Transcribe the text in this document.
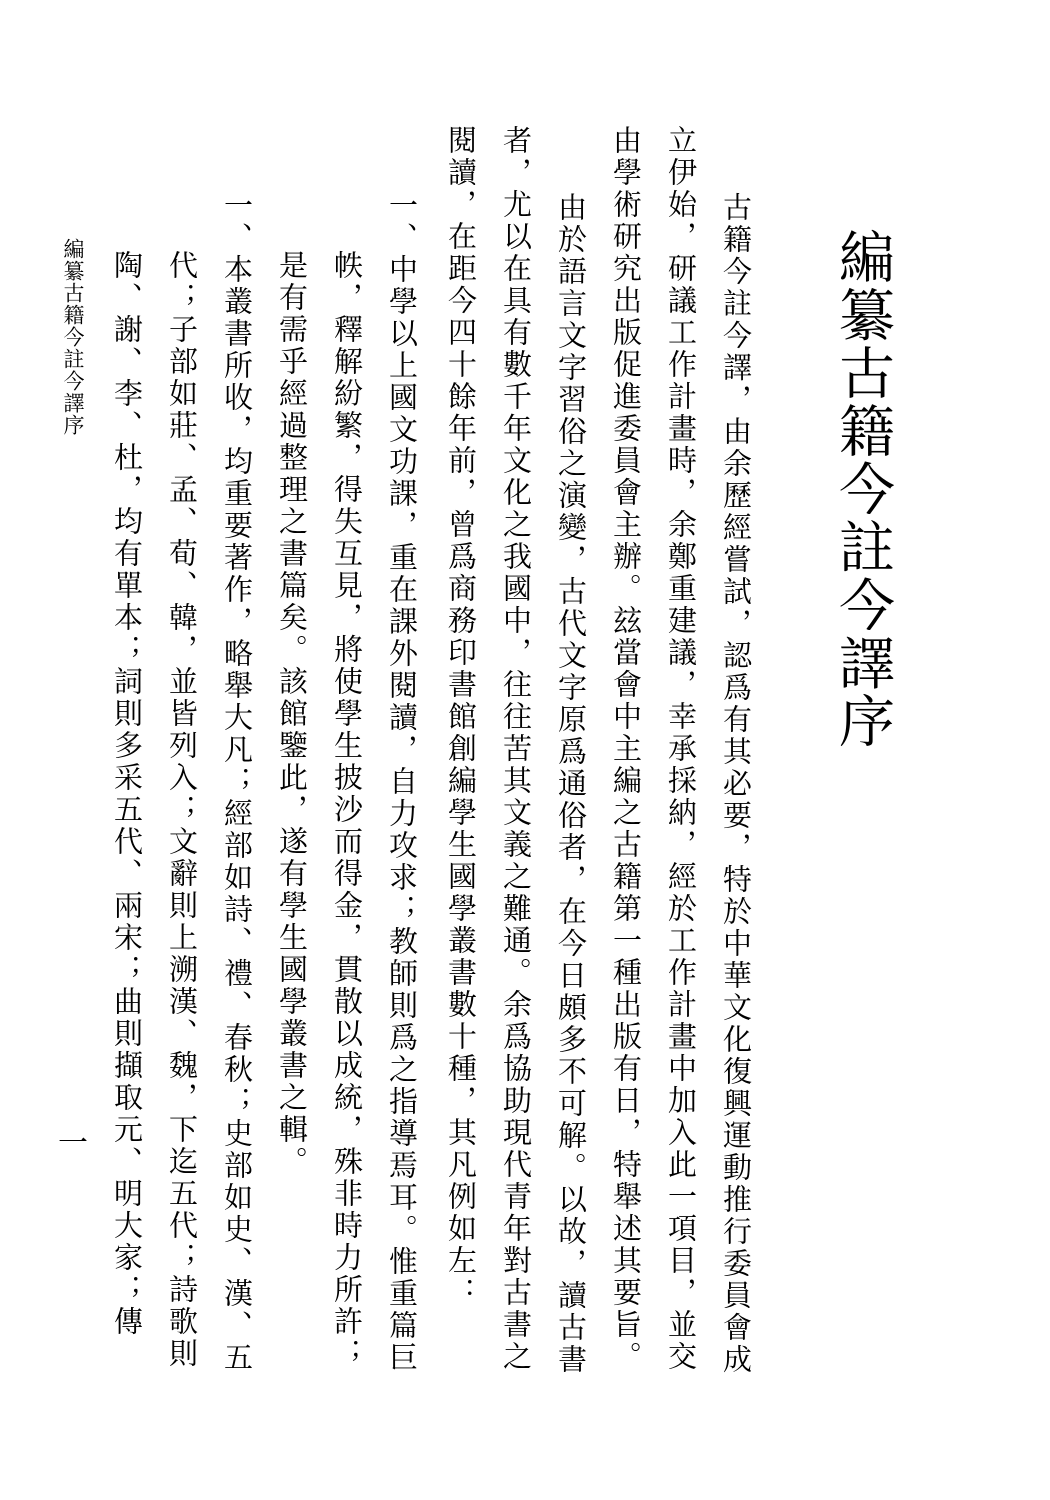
編纂古籍今註今譯序
古籍今註今譯，由余歷經嘗試，認爲有其必要，特於中華文化復興運動推行委員會成
立伊始，研議工作計畫時，余鄭重建議，幸承採納，經於工作計畫中加入此一項目，並交
由學術研究出版促進委員會主辦。玆當會中主編之古籍第一種出版有日，特舉述其要旨。
由於語言文字習俗之演變，古代文字原爲通俗者，在今日頗多不可解。以故，讀古書
者，尤以在具有數千年文化之我國中，往往苦其文義之難通。余爲協助現代青年對古書之
閱讀，在距今四十餘年前，曾爲商務印書館創編學生國學叢書數十種，其凡例如左：
一、中學以上國文功課，重在課外閱讀，自力攻求；教師則爲之指導焉耳。惟重篇巨
帙，釋解紛繁，得失互見，將使學生披沙而得金，貫散以成統，殊非時力所許；
是有需乎經過整理之書篇矣。該館鑒此，遂有學生國學叢書之輯。
一、本叢書所收，均重要著作，略舉大凡；經部如詩、禮、春秋；史部如史、漢、五
代；子部如莊、孟、荀、韓，並皆列入；文辭則上溯漢、魏，下迄五代；詩歌則
陶、謝、李、杜，均有單本；詞則多采五代、兩宋；曲則擷取元、明大家；傳
編纂古籍今註今譯序
一
